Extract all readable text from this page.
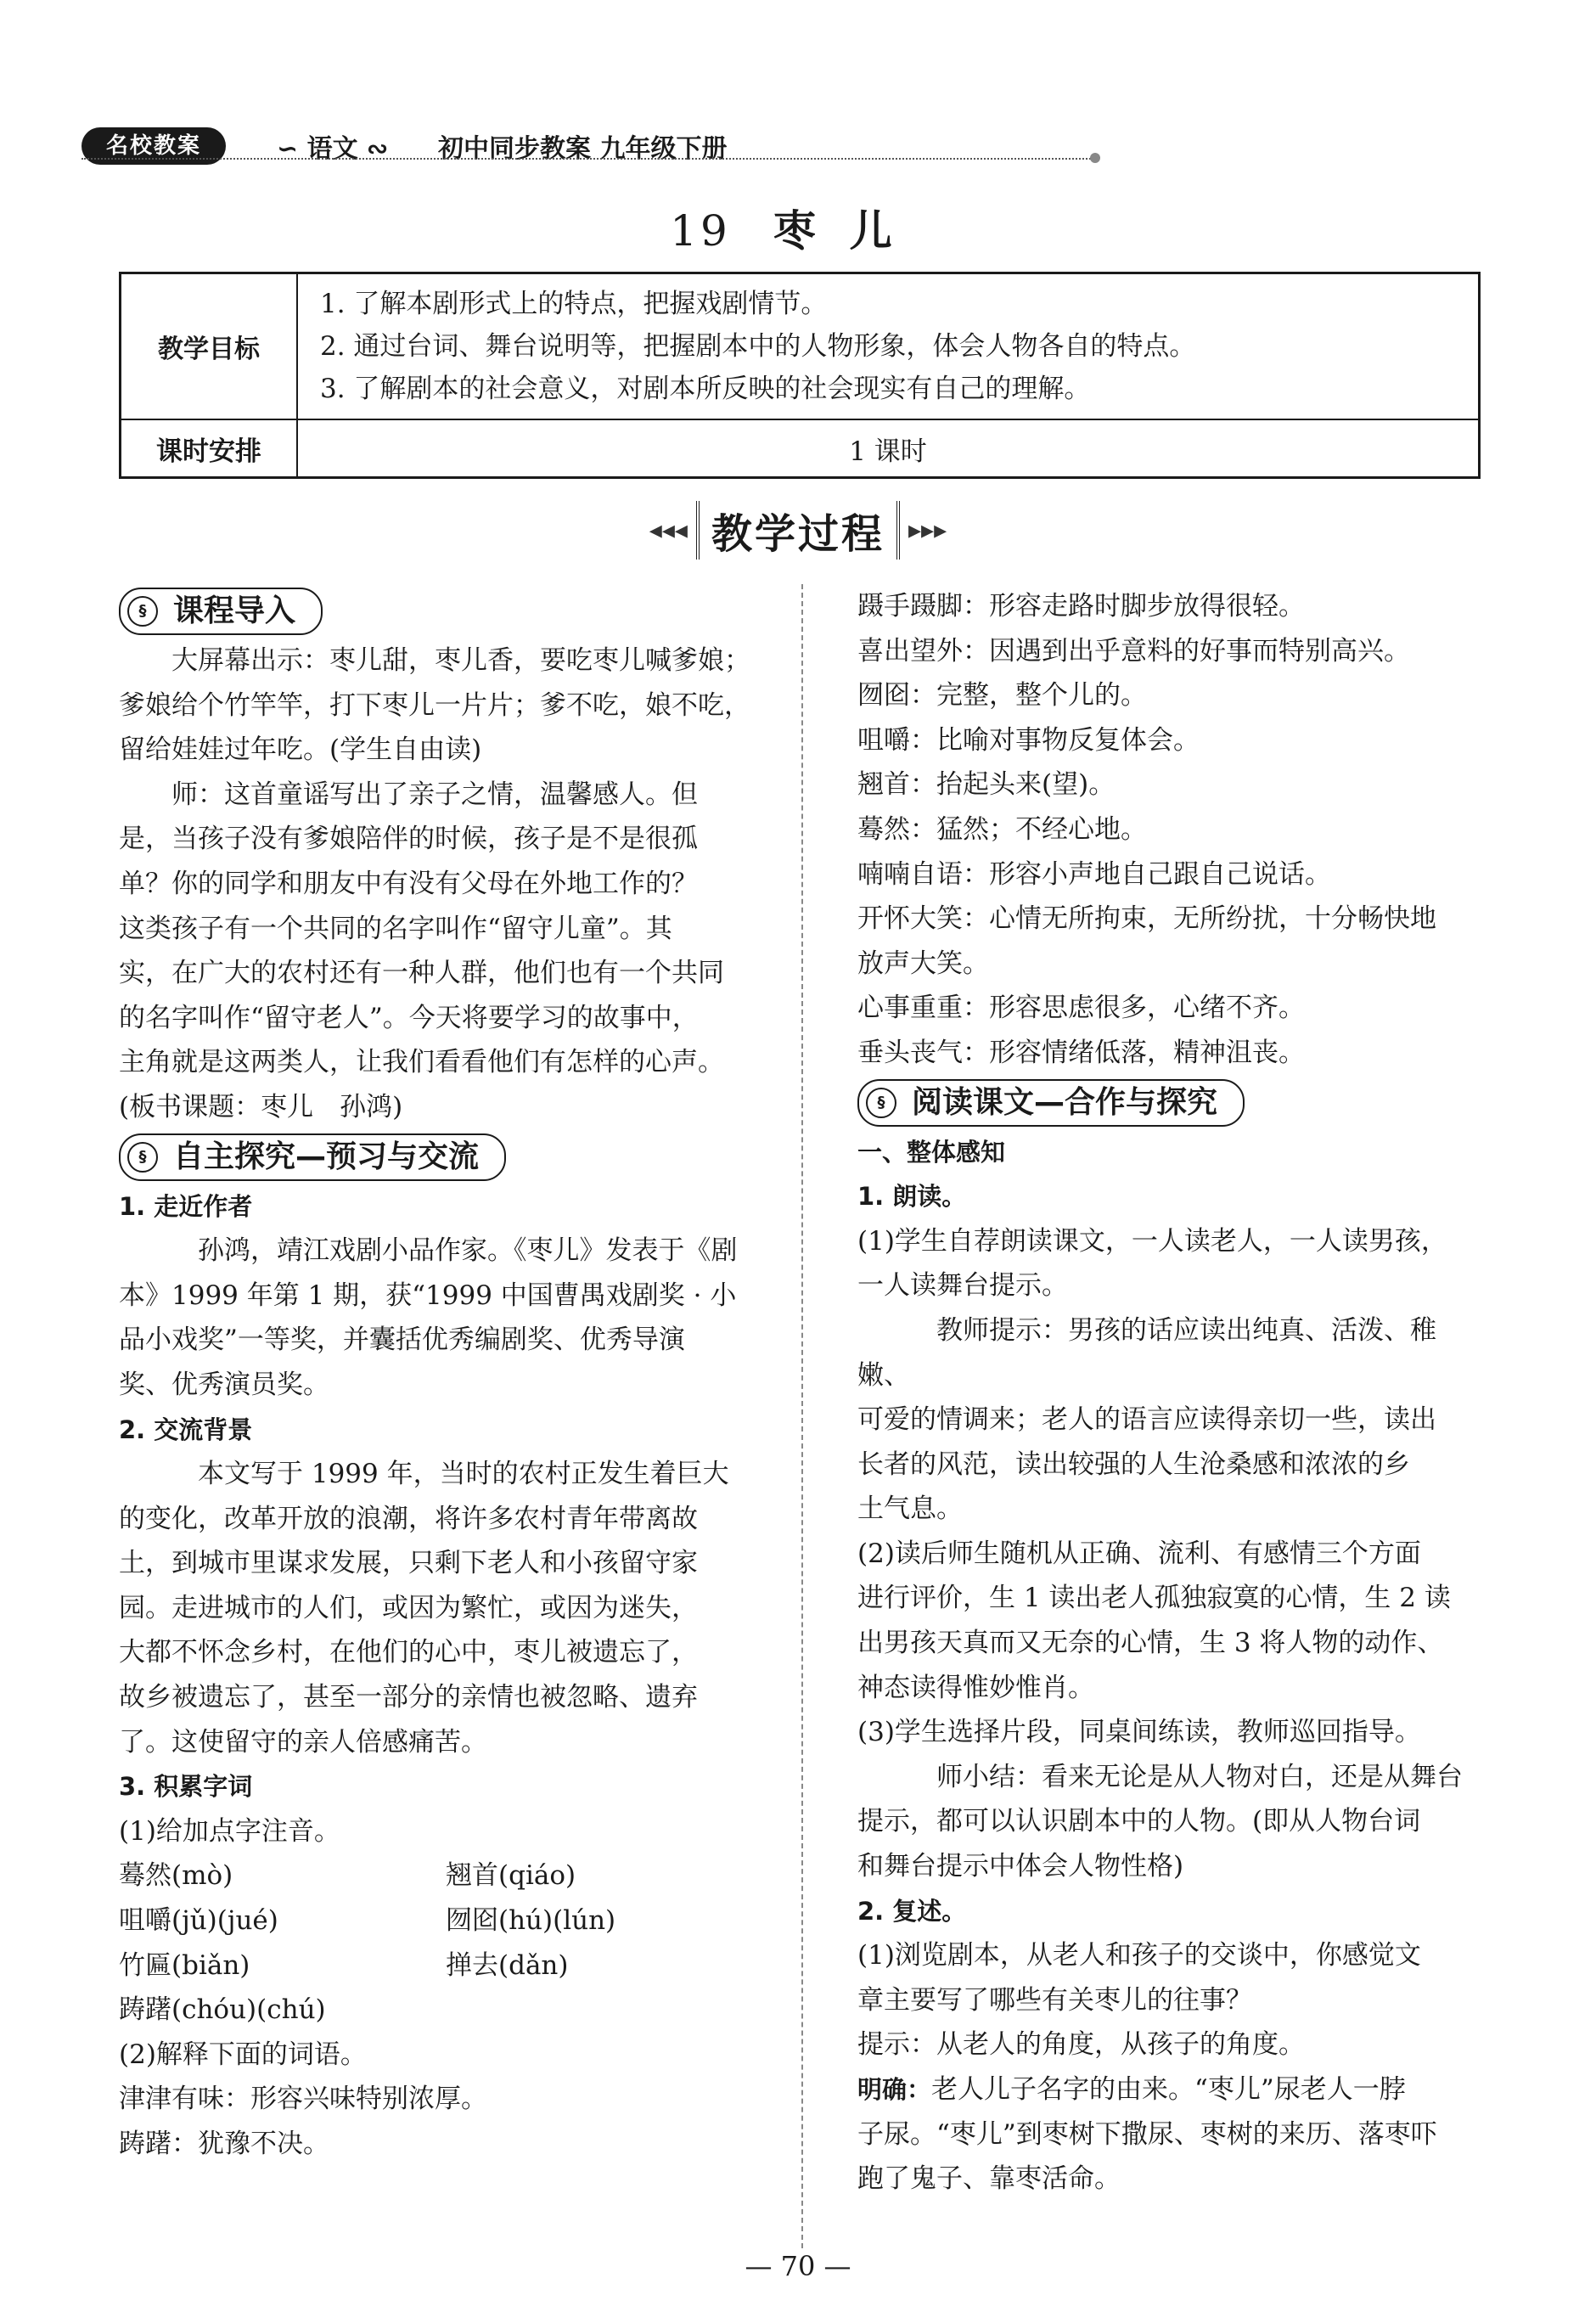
名校教案	∽ 语文 ∾ 初中同步教案 九年级下册
19 枣儿
教学目标	1. 了解本剧形式上的特点，把握戏剧情节。
2. 通过台词、舞台说明等，把握剧本中的人物形象，体会人物各自的特点。
3. 了解剧本的社会意义，对剧本所反映的社会现实有自己的理解。

课时安排	1 课时
◂◂◂ 教学过程 ▸▸▸
§ 课程导入

大屏幕出示：枣儿甜，枣儿香，要吃枣儿喊爹娘；

爹娘给个竹竿竿，打下枣儿一片片；爹不吃，娘不吃，

留给娃娃过年吃。(学生自由读)

师：这首童谣写出了亲子之情，温馨感人。但

是，当孩子没有爹娘陪伴的时候，孩子是不是很孤

单？你的同学和朋友中有没有父母在外地工作的？

这类孩子有一个共同的名字叫作“留守儿童”。其

实，在广大的农村还有一种人群，他们也有一个共同

的名字叫作“留守老人”。今天将要学习的故事中，

主角就是这两类人，让我们看看他们有怎样的心声。

(板书课题：枣儿　孙鸿)

§ 自主探究—预习与交流

1. 走近作者

孙鸿，靖江戏剧小品作家。《枣儿》发表于《剧

本》1999 年第 1 期，获“1999 中国曹禺戏剧奖 · 小

品小戏奖”一等奖，并囊括优秀编剧奖、优秀导演

奖、优秀演员奖。

2. 交流背景

本文写于 1999 年，当时的农村正发生着巨大

的变化，改革开放的浪潮，将许多农村青年带离故

土，到城市里谋求发展，只剩下老人和小孩留守家

园。走进城市的人们，或因为繁忙，或因为迷失，

大都不怀念乡村，在他们的心中，枣儿被遗忘了，

故乡被遗忘了，甚至一部分的亲情也被忽略、遗弃

了。这使留守的亲人倍感痛苦。

3. 积累字词

(1)给加点字注音。

蓦然(mò)	翘首(qiáo)
咀嚼(jǔ)(jué)	囫囵(hú)(lún)
竹匾(biǎn)	掸去(dǎn)
踌躇(chóu)(chú)

(2)解释下面的词语。

津津有味：形容兴味特别浓厚。

踌躇：犹豫不决。

蹑手蹑脚：形容走路时脚步放得很轻。

喜出望外：因遇到出乎意料的好事而特别高兴。

囫囵：完整，整个儿的。

咀嚼：比喻对事物反复体会。

翘首：抬起头来(望)。

蓦然：猛然；不经心地。

喃喃自语：形容小声地自己跟自己说话。

开怀大笑：心情无所拘束，无所纷扰，十分畅快地

放声大笑。

心事重重：形容思虑很多，心绪不齐。

垂头丧气：形容情绪低落，精神沮丧。

§ 阅读课文—合作与探究

一、整体感知

1. 朗读。

(1)学生自荐朗读课文，一人读老人，一人读男孩，

一人读舞台提示。

教师提示：男孩的话应读出纯真、活泼、稚嫩、

可爱的情调来；老人的语言应读得亲切一些，读出

长者的风范，读出较强的人生沧桑感和浓浓的乡

土气息。

(2)读后师生随机从正确、流利、有感情三个方面

进行评价，生 1 读出老人孤独寂寞的心情，生 2 读

出男孩天真而又无奈的心情，生 3 将人物的动作、

神态读得惟妙惟肖。

(3)学生选择片段，同桌间练读，教师巡回指导。

师小结：看来无论是从人物对白，还是从舞台

提示，都可以认识剧本中的人物。(即从人物台词

和舞台提示中体会人物性格)

2. 复述。

(1)浏览剧本，从老人和孩子的交谈中，你感觉文

章主要写了哪些有关枣儿的往事？

提示：从老人的角度，从孩子的角度。

明确：老人儿子名字的由来。“枣儿”尿老人一脖

子尿。“枣儿”到枣树下撒尿、枣树的来历、落枣吓

跑了鬼子、靠枣活命。

— 70 —
